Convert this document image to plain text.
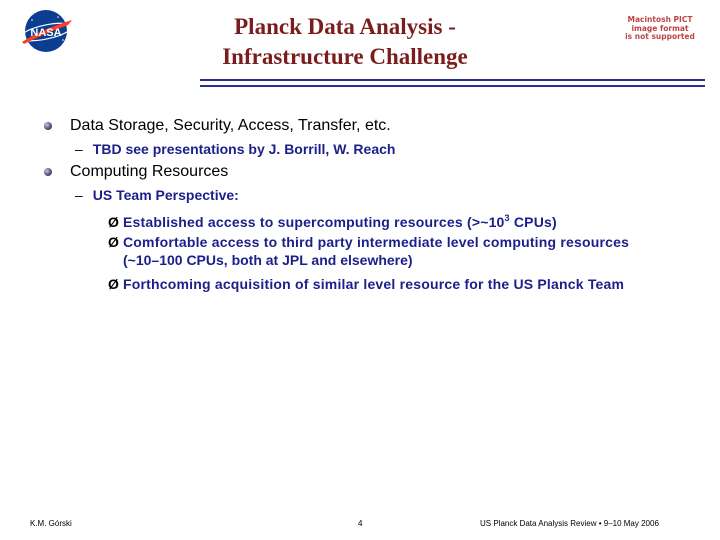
NASA
Macintosh PICT
image format
is not supported
Planck Data Analysis -
Infrastructure Challenge
Data Storage, Security, Access, Transfer, etc.
– TBD see presentations by J. Borrill, W. Reach
Computing Resources
– US Team Perspective:
Ø Established access to supercomputing resources ($>\sim 10^3$ CPUs)
Ø Comfortable access to third party intermediate level computing resources
(~10–100 CPUs, both at JPL and elsewhere)
Ø Forthcoming acquisition of similar level resource for the US Planck Team
K.M. Górski	4	US Planck Data Analysis Review • 9–10 May 2006
